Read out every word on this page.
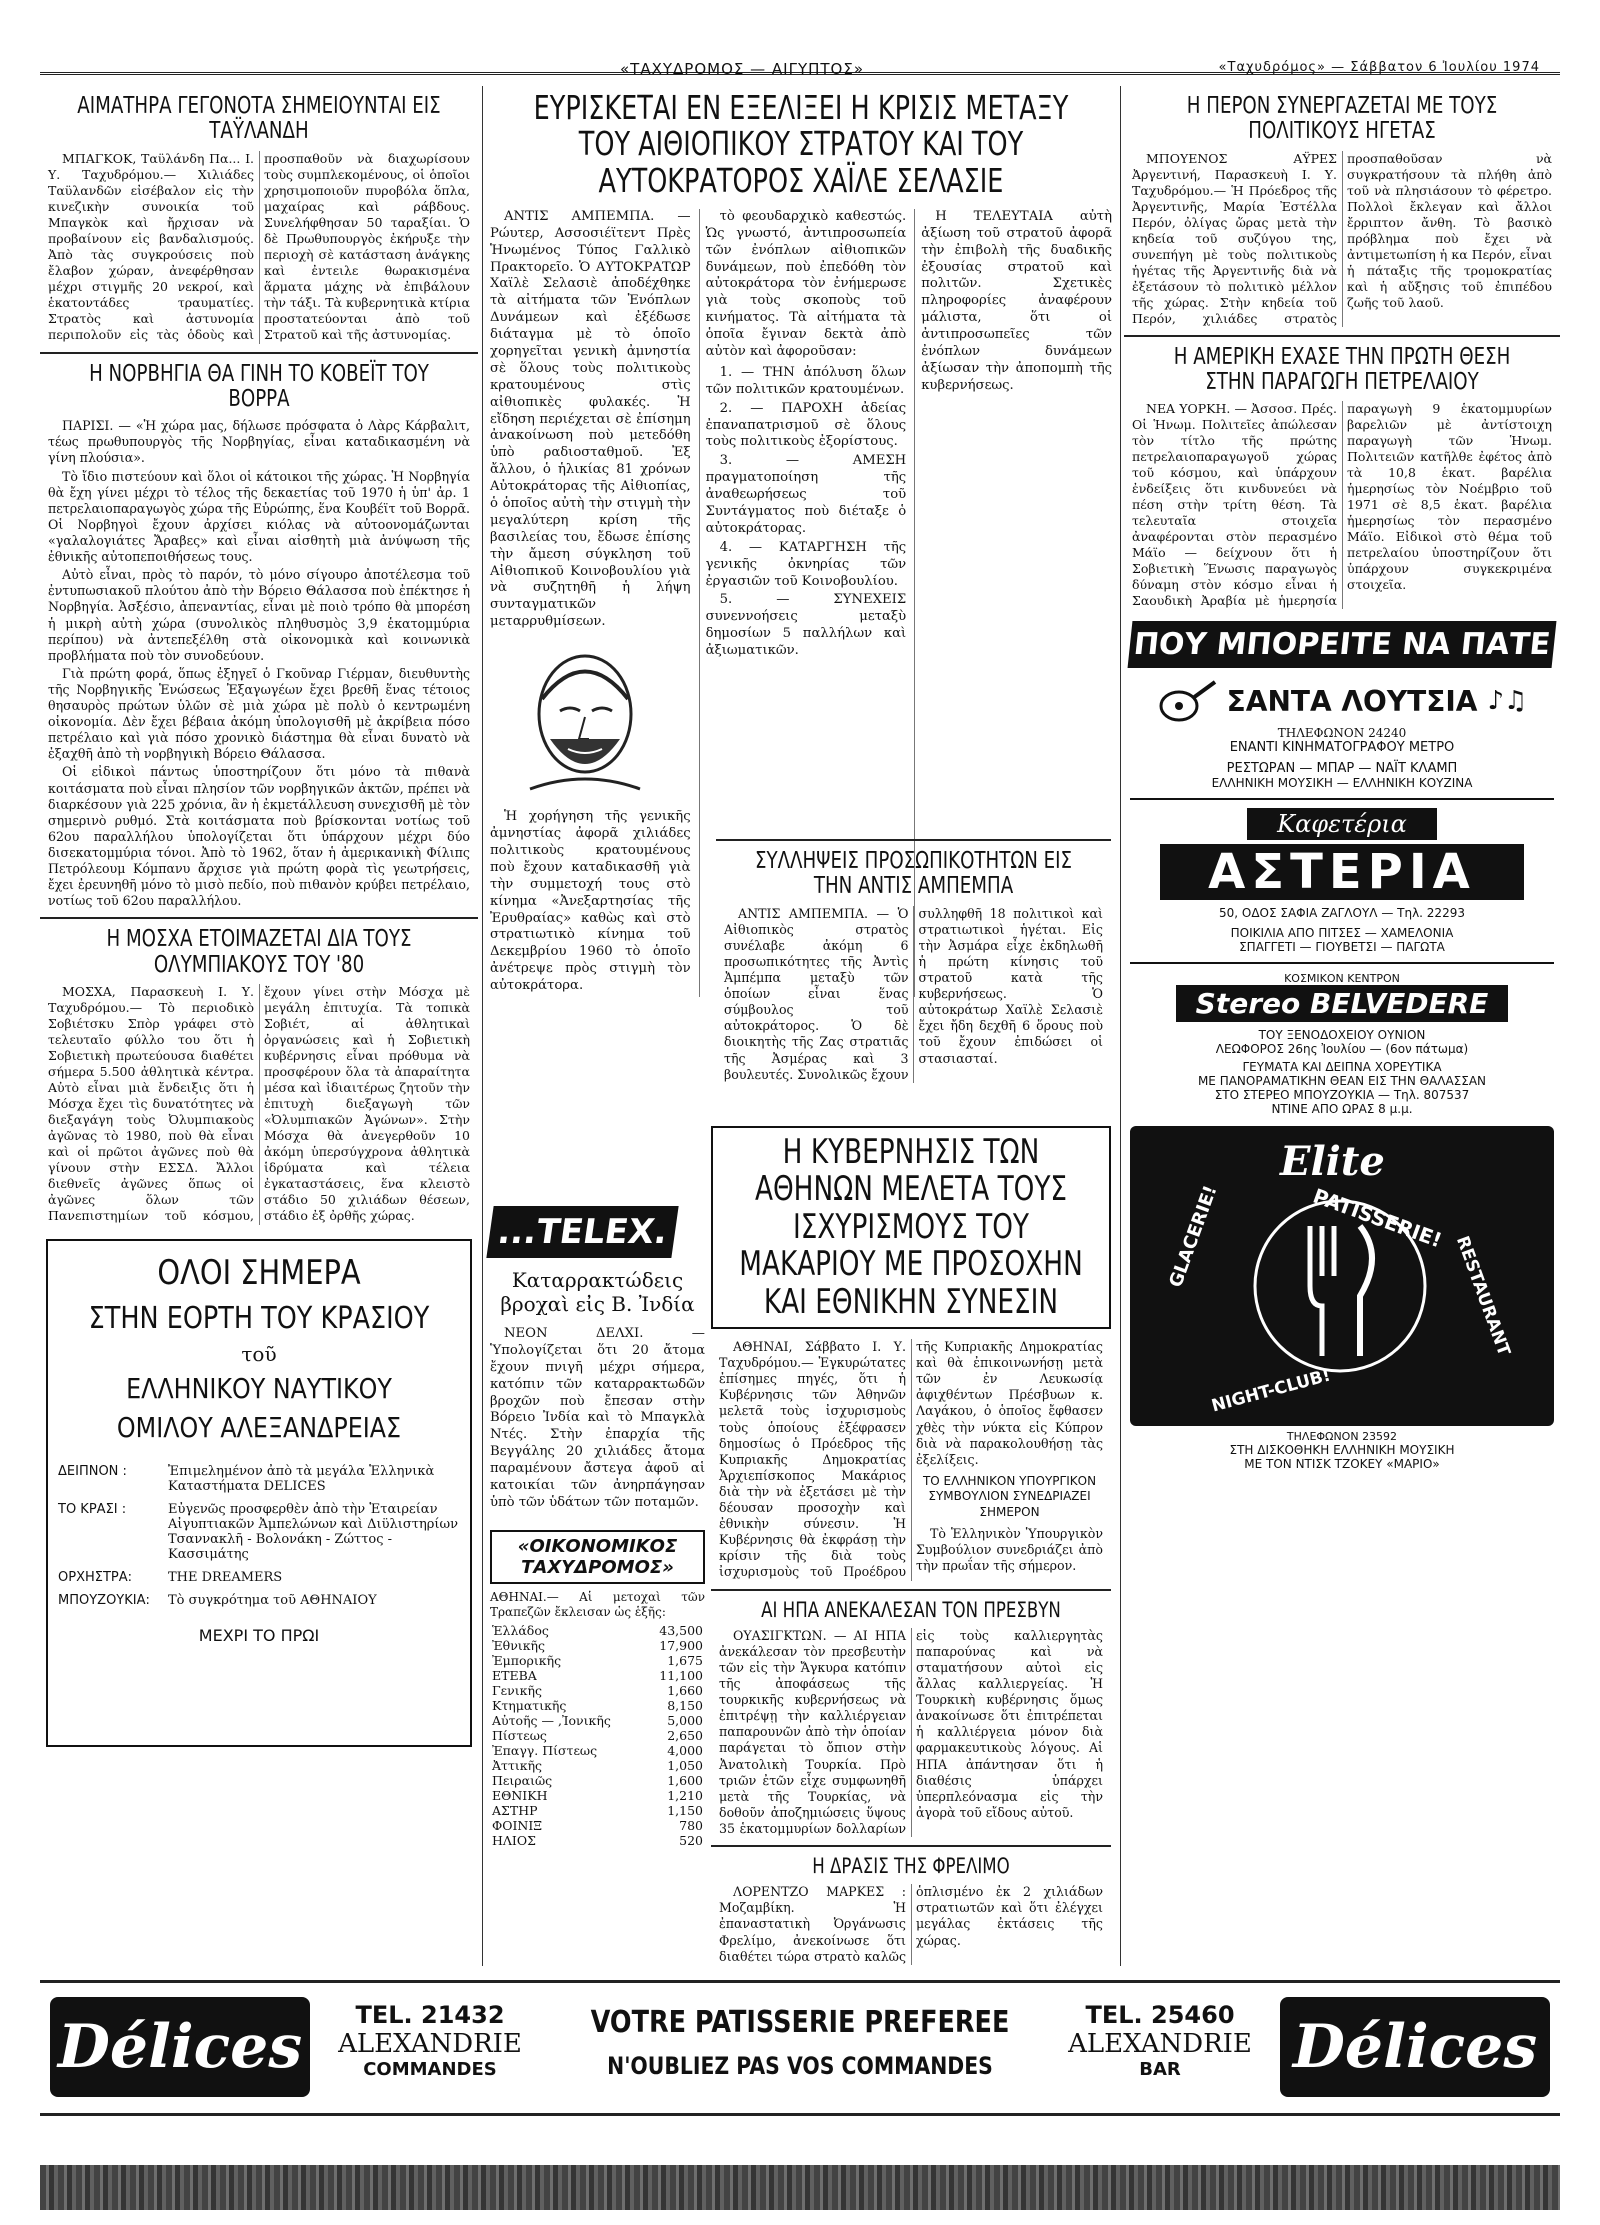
«ΤΑΧΥΔΡΟΜΟΣ — ΑΙΓΥΠΤΟΣ»	«Ταχυδρόμος» — Σάββατον 6 Ἰουλίου 1974
ΑΙΜΑΤΗΡΑ ΓΕΓΟΝΟΤΑ ΣΗΜΕΙΟΥΝΤΑΙ ΕΙΣ ΤΑΫΛΑΝΔΗ

ΜΠΑΓΚΟΚ, Ταϋλάνδη Πα... Ι. Υ. Ταχυδρόμου.— Χιλιάδες Ταϋλανδῶν εἰσέβαλον εἰς τὴν κινεζικὴν συνοικία τοῦ Μπαγκὸκ καὶ ἤρχισαν νὰ προβαίνουν εἰς βανδαλισμούς. Ἀπὸ τὰς συγκρούσεις ποὺ ἔλαβον χώραν, ἀνεφέρθησαν μέχρι στιγμῆς 20 νεκροί, καὶ ἑκατοντάδες τραυματίες. Στρατὸς καὶ ἀστυνομία περιπολοῦν εἰς τὰς ὁδοὺς καὶ προσπαθοῦν νὰ διαχωρίσουν τοὺς συμπλεκομένους, οἱ ὁποῖοι χρησιμοποιοῦν πυροβόλα ὅπλα, μαχαίρας καὶ ράβδους. Συνελήφθησαν 50 ταραξίαι. Ὁ δὲ Πρωθυπουργὸς ἐκήρυξε τὴν περιοχὴ σὲ κατάσταση ἀνάγκης καὶ ἐντειλε θωρακισμένα ἅρματα μάχης νὰ ἐπιβάλουν τὴν τάξι. Τὰ κυβερνητικὰ κτίρια προστατεύονται ἀπὸ τοῦ Στρατοῦ καὶ τῆς ἀστυνομίας.

Η ΝΟΡΒΗΓΙΑ ΘΑ ΓΙΝΗ ΤΟ ΚΟΒΕΪΤ ΤΟΥ ΒΟΡΡΑ

ΠΑΡΙΣΙ. — «Ἡ χώρα μας, δήλωσε πρόσφατα ὁ Λὰρς Κάρβαλιτ, τέως πρωθυπουργὸς τῆς Νορβηγίας, εἶναι καταδικασμένη νὰ γίνη πλούσια».

Τὸ ἴδιο πιστεύουν καὶ ὅλοι οἱ κάτοικοι τῆς χώρας. Ἡ Νορβηγία θὰ ἔχη γίνει μέχρι τὸ τέλος τῆς δεκαετίας τοῦ 1970 ἡ ὑπ' ἀρ. 1 πετρελαιοπαραγωγὸς χώρα τῆς Εὐρώπης, ἕνα Κουβέϊτ τοῦ Βορρᾶ. Οἱ Νορβηγοὶ ἔχουν ἀρχίσει κιόλας νὰ αὐτοονομάζωνται «γαλαλογιάτες Ἄραβες» καὶ εἶναι αἰσθητὴ μιὰ ἀνύψωση τῆς ἐθνικῆς αὐτοπεποιθήσεως τους.

Αὐτὸ εἶναι, πρὸς τὸ παρόν, τὸ μόνο σίγουρο ἀποτέλεσμα τοῦ ἐντυπωσιακοῦ πλούτου ἀπὸ τὴν Βόρειο Θάλασσα ποὺ ἐπέκτησε ἡ Νορβηγία. Ἀσξέσιο, ἀπεναντίας, εἶναι μὲ ποιὸ τρόπο θὰ μπορέση ἡ μικρὴ αὐτὴ χώρα (συνολικὸς πληθυσμὸς 3,9 ἑκατομμύρια περίπου) νὰ ἀντεπεξέλθη στὰ οἰκονομικὰ καὶ κοινωνικὰ προβλήματα ποὺ τὸν συνοδεύουν.

Γιὰ πρώτη φορά, ὅπως ἐξηγεῖ ὁ Γκοῦναρ Γιέρμαν, διευθυντὴς τῆς Νορβηγικῆς Ἑνώσεως Ἐξαγωγέων ἔχει βρεθῆ ἕνας τέτοιος θησαυρὸς πρώτων ὑλῶν σὲ μιὰ χώρα μὲ πολὺ ὁ κεντρωμένη οἰκονομία. Δὲν ἔχει βέβαια ἀκόμη ὑπολογισθῆ μὲ ἀκρίβεια πόσο πετρέλαιο καὶ γιὰ πόσο χρονικὸ διάστημα θὰ εἶναι δυνατὸ νὰ ἐξαχθῆ ἀπὸ τὴ νορβηγικὴ Βόρειο Θάλασσα.

Οἱ εἰδικοὶ πάντως ὑποστηρίζουν ὅτι μόνο τὰ πιθανὰ κοιτάσματα ποὺ εἶναι πλησίον τῶν νορβηγικῶν ἀκτῶν, πρέπει νὰ διαρκέσουν γιὰ 225 χρόνια, ἂν ἡ ἐκμετάλλευση συνεχισθῆ μὲ τὸν σημερινὸ ρυθμό. Στὰ κοιτάσματα ποὺ βρίσκονται νοτίως τοῦ 62ου παραλλήλου ὑπολογίζεται ὅτι ὑπάρχουν μέχρι δύο δισεκατομμύρια τόνοι. Ἀπὸ τὸ 1962, ὅταν ἡ ἀμερικανικὴ Φίλιπς Πετρόλεουμ Κόμπανυ ἄρχισε γιὰ πρώτη φορὰ τὶς γεωτρήσεις, ἔχει ἐρευνηθῆ μόνο τὸ μισὸ πεδίο, ποὺ πιθανὸν κρύβει πετρέλαιο, νοτίως τοῦ 62ου παραλλήλου.

Η ΜΟΣΧΑ ΕΤΟΙΜΑΖΕΤΑΙ ΔΙΑ ΤΟΥΣ ΟΛΥΜΠΙΑΚΟΥΣ ΤΟΥ '80

ΜΟΣΧΑ, Παρασκευὴ Ι. Υ. Ταχυδρόμου.— Τὸ περιοδικὸ Σοβιέτσκυ Σπὸρ γράφει στὸ τελευταῖο φύλλο του ὅτι ἡ Σοβιετικὴ πρωτεύουσα διαθέτει σήμερα 5.500 ἀθλητικὰ κέντρα. Αὐτὸ εἶναι μιὰ ἔνδειξις ὅτι ἡ Μόσχα ἔχει τὶς δυνατότητες νὰ διεξαγάγη τοὺς Ὀλυμπιακοὺς ἀγῶνας τὸ 1980, ποὺ θὰ εἶναι καὶ οἱ πρῶτοι ἀγῶνες ποὺ θὰ γίνουν στὴν ΕΣΣΔ. Ἄλλοι διεθνεῖς ἀγῶνες ὅπως οἱ ἀγῶνες ὅλων τῶν Πανεπιστημίων τοῦ κόσμου, ἔχουν γίνει στὴν Μόσχα μὲ μεγάλη ἐπιτυχία. Τὰ τοπικὰ Σοβιέτ, αἱ ἀθλητικαὶ ὀργανώσεις καὶ ἡ Σοβιετικὴ κυβέρνησις εἶναι πρόθυμα νὰ προσφέρουν ὅλα τὰ ἀπαραίτητα μέσα καὶ ἰδιαιτέρως ζητοῦν τὴν ἐπιτυχὴ διεξαγωγὴ τῶν «Ὀλυμπιακῶν Ἀγώνων». Στὴν Μόσχα θὰ ἀνεγερθοῦν 10 ἀκόμη ὑπερσύγχρονα ἀθλητικὰ ἱδρύματα καὶ τέλεια ἐγκαταστάσεις, ἕνα κλειστὸ στάδιο 50 χιλιάδων θέσεων, στάδιο ἐξ ὀρθῆς χώρας.

ΟΛΟΙ ΣΗΜΕΡΑ
ΣΤΗΝ ΕΟΡΤΗ ΤΟΥ ΚΡΑΣΙΟΥ
τοῦ
ΕΛΛΗΝΙΚΟΥ ΝΑΥΤΙΚΟΥ
ΟΜΙΛΟΥ ΑΛΕΞΑΝΔΡΕΙΑΣ
ΔΕΙΠΝΟΝ :	Ἐπιμελημένον ἀπὸ τὰ μεγάλα Ἑλληνικὰ Καταστήματα DELICES
ΤΟ ΚΡΑΣΙ :	Εὐγενῶς προσφερθὲν ἀπὸ τὴν Ἑταιρείαν Αἰγυπτιακῶν Ἀμπελώνων καὶ Διϋλιστηρίων Τσαννακλῆ - Βολονάκη - Ζώττος - Κασσιμάτης
ΟΡΧΗΣΤΡΑ:	THE DREAMERS
ΜΠΟΥΖΟΥΚΙΑ:	Τὸ συγκρότημα τοῦ ΑΘΗΝΑΙΟΥ
ΜΕΧΡΙ ΤΟ ΠΡΩΙ
ΕΥΡΙΣΚΕΤΑΙ ΕΝ ΕΞΕΛΙΞΕΙ Η ΚΡΙΣΙΣ ΜΕΤΑΞΥ ΤΟΥ ΑΙΘΙΟΠΙΚΟΥ ΣΤΡΑΤΟΥ ΚΑΙ ΤΟΥ ΑΥΤΟΚΡΑΤΟΡΟΣ ΧΑΪΛΕ ΣΕΛΑΣΙΕ

ΑΝΤΙΣ ΑΜΠΕΜΠΑ. — Ρώυτερ, Ασσοσιέϊτεντ Πρὲς Ἡνωμένος Τύπος Γαλλικὸ Πρακτορεῖο. Ὁ ΑΥΤΟΚΡΑΤΩΡ Χαϊλὲ Σελασιὲ ἀποδέχθηκε τὰ αἰτήματα τῶν Ἐνόπλων Δυνάμεων καὶ ἐξέδωσε διάταγμα μὲ τὸ ὁποῖο χορηγεῖται γενικὴ ἀμνηστία σὲ ὅλους τοὺς πολιτικοὺς κρατουμένους στὶς αἰθιοπικὲς φυλακές. Ἡ εἴδηση περιέχεται σὲ ἐπίσημη ἀνακοίνωση ποὺ μετεδόθη ὑπὸ ραδιοσταθμοῦ. Ἐξ ἄλλου, ὁ ἡλικίας 81 χρόνων Αὐτοκράτορας τῆς Αἰθιοπίας, ὁ ὁποῖος αὐτὴ τὴν στιγμὴ τὴν μεγαλύτερη κρίση τῆς βασιλείας του, ἔδωσε ἐπίσης τὴν ἄμεση σύγκληση τοῦ Αἰθιοπικοῦ Κοινοβουλίου γιὰ νὰ συζητηθῆ ἡ λήψη συνταγματικῶν μεταρρυθμίσεων.

Ἡ χορήγηση τῆς γενικῆς ἀμνηστίας ἀφορᾶ χιλιάδες πολιτικοὺς κρατουμένους ποὺ ἔχουν καταδικασθῆ γιὰ τὴν συμμετοχή τους στὸ κίνημα «Ἀνεξαρτησίας τῆς Ἐρυθραίας» καθὼς καὶ στὸ στρατιωτικὸ κίνημα τοῦ Δεκεμβρίου 1960 τὸ ὁποῖο ἀνέτρεψε πρὸς στιγμὴ τὸν αὐτοκράτορα.

τὸ φεουδαρχικὸ καθεστώς. Ὡς γνωστό, ἀντιπροσωπεία τῶν ἐνόπλων αἰθιοπικῶν δυνάμεων, ποὺ ἐπεδόθη τὸν αὐτοκράτορα τὸν ἐνήμερωσε γιὰ τοὺς σκοποὺς τοῦ κινήματος. Τὰ αἰτήματα τὰ ὁποῖα ἔγιναν δεκτὰ ἀπὸ αὐτὸν καὶ ἀφοροῦσαν:

1. — ΤΗΝ ἀπόλυση ὅλων τῶν πολιτικῶν κρατουμένων.

2. — ΠΑΡΟΧΗ ἀδείας ἐπαναπατρισμοῦ σὲ ὅλους τοὺς πολιτικοὺς ἐξορίστους.

3. — ΑΜΕΣΗ πραγματοποίηση τῆς ἀναθεωρήσεως τοῦ Συντάγματος ποὺ διέταξε ὁ αὐτοκράτορας.

4. — ΚΑΤΑΡΓΗΣΗ τῆς γενικῆς ὀκνηρίας τῶν ἐργασιῶν τοῦ Κοινοβουλίου.

5. — ΣΥΝΕΧΕΙΣ συνεννοήσεις μεταξὺ δημοσίων 5 παλλήλων καὶ ἀξιωματικῶν.

Η ΤΕΛΕΥΤΑΙΑ αὐτὴ ἀξίωση τοῦ στρατοῦ ἀφορᾶ τὴν ἐπιβολὴ τῆς δυαδικῆς ἐξουσίας στρατοῦ καὶ πολιτῶν. Σχετικὲς πληροφορίες ἀναφέρουν μάλιστα, ὅτι οἱ ἀντιπροσωπεῖες τῶν ἐνόπλων δυνάμεων ἀξίωσαν τὴν ἀποπομπὴ τῆς κυβερνήσεως.

ΣΥΛΛΗΨΕΙΣ ΠΡΟΣΩΠΙΚΟΤΗΤΩΝ ΕΙΣ ΤΗΝ ΑΝΤΙΣ ΑΜΠΕΜΠΑ

ΑΝΤΙΣ ΑΜΠΕΜΠΑ. — Ὁ Αἰθιοπικὸς στρατὸς συνέλαβε ἀκόμη 6 προσωπικότητες τῆς Ἀντὶς Ἀμπέμπα μεταξὺ τῶν ὁποίων εἶναι ἕνας σύμβουλος τοῦ αὐτοκράτορος. Ὁ δὲ διοικητὴς τῆς Ζας στρατιᾶς τῆς Ἀσμέρας καὶ 3 βουλευτές. Συνολικῶς ἔχουν συλληφθῆ 18 πολιτικοὶ καὶ στρατιωτικοὶ ἡγέται. Εἰς τὴν Ἀσμάρα εἶχε ἐκδηλωθῆ ἡ πρώτη κίνησις τοῦ στρατοῦ κατὰ τῆς κυβερνήσεως. Ὁ αὐτοκράτωρ Χαϊλὲ Σελασιὲ ἔχει ἤδη δεχθῆ 6 ὅρους ποὺ τοῦ ἔχουν ἐπιδώσει οἱ στασιασταί.

...TELEX.
Καταρρακτώδεις βροχαὶ εἰς Β. Ἰνδία

ΝΕΟΝ ΔΕΛΧΙ. — Ὑπολογίζεται ὅτι 20 ἄτομα ἔχουν πνιγῆ μέχρι σήμερα, κατόπιν τῶν καταρρακτωδῶν βροχῶν ποὺ ἔπεσαν στὴν Βόρειο Ἰνδία καὶ τὸ Μπαγκλὰ Ντές. Στὴν ἐπαρχία τῆς Βεγγάλης 20 χιλιάδες ἄτομα παραμένουν ἄστεγα ἀφοῦ αἱ κατοικίαι τῶν ἀνηρπάγησαν ὑπὸ τῶν ὑδάτων τῶν ποταμῶν.

«ΟΙΚΟΝΟΜΙΚΟΣ ΤΑΧΥΔΡΟΜΟΣ»
ΑΘΗΝΑΙ.— Αἱ μετοχαὶ τῶν Τραπεζῶν ἔκλεισαν ὡς ἑξῆς:
Ἑλλάδος	43,500
Ἐθνικῆς	17,900
Ἐμπορικῆς	1,675
ΕΤΕΒΑ	11,100
Γενικῆς	1,660
Κτηματικῆς	8,150
Αὐτοῆς — ,Ἰονικῆς	5,000
Πίστεως	2,650
Ἐπαγγ. Πίστεως	4,000
Ἀττικῆς	1,050
Πειραιῶς	1,600
ΕΘΝΙΚΗ	1,210
ΑΣΤΗΡ	1,150
ΦΟΙΝΙΞ	780
ΗΛΙΟΣ	520
Η ΚΥΒΕΡΝΗΣΙΣ ΤΩΝ ΑΘΗΝΩΝ ΜΕΛΕΤΑ ΤΟΥΣ ΙΣΧΥΡΙΣΜΟΥΣ ΤΟΥ ΜΑΚΑΡΙΟΥ ΜΕ ΠΡΟΣΟΧΗΝ ΚΑΙ ΕΘΝΙΚΗΝ ΣΥΝΕΣΙΝ

ΑΘΗΝΑΙ, Σάββατο Ι. Υ. Ταχυδρόμου.— Ἐγκυρώτατες ἐπίσημες πηγές, ὅτι ἡ Κυβέρνησις τῶν Ἀθηνῶν μελετᾶ τοὺς ἰσχυρισμοὺς τοὺς ὁποίους ἐξέφρασεν δημοσίως ὁ Πρόεδρος τῆς Κυπριακῆς Δημοκρατίας Ἀρχιεπίσκοπος Μακάριος διὰ τὴν νὰ ἐξετάσει μὲ τὴν δέουσαν προσοχὴν καὶ ἐθνικὴν σύνεσιν. Ἡ Κυβέρνησις θὰ ἐκφράσῃ τὴν κρίσιν τῆς διὰ τοὺς ἰσχυρισμοὺς τοῦ Προέδρου τῆς Κυπριακῆς Δημοκρατίας καὶ θὰ ἐπικοινωνήσῃ μετὰ τῶν ἐν Λευκωσίᾳ ἀφιχθέντων Πρέσβυων κ. Λαγάκου, ὁ ὁποῖος ἔφθασεν χθὲς τὴν νύκτα εἰς Κύπρον διὰ νὰ παρακολουθήσῃ τὰς ἐξελίξεις.

ΤΟ ΕΛΛΗΝΙΚΟΝ ΥΠΟΥΡΓΙΚΟΝ ΣΥΜΒΟΥΛΙΟΝ ΣΥΝΕΔΡΙΑΖΕΙ ΣΗΜΕΡΟΝ

Τὸ Ἑλληνικὸν Ὑπουργικὸν Συμβούλιον συνεδριάζει ἀπὸ τὴν πρωΐαν τῆς σήμερον.

ΑΙ ΗΠΑ ΑΝΕΚΑΛΕΣΑΝ ΤΟΝ ΠΡΕΣΒΥΝ

ΟΥΑΣΙΓΚΤΩΝ. — ΑΙ ΗΠΑ ἀνεκάλεσαν τὸν πρεσβευτὴν τῶν εἰς τὴν Ἄγκυρα κατόπιν τῆς ἀποφάσεως τῆς τουρκικῆς κυβερνήσεως νὰ ἐπιτρέψῃ τὴν καλλιέργειαν παπαρουνῶν ἀπὸ τὴν ὁποίαν παράγεται τὸ ὄπιον στὴν Ἀνατολικὴ Τουρκία. Πρὸ τριῶν ἐτῶν εἶχε συμφωνηθῆ μετὰ τῆς Τουρκίας, νὰ δοθοῦν ἀποζημιώσεις ὕψους 35 ἑκατομμυρίων δολλαρίων εἰς τοὺς καλλιεργητὰς παπαρούνας καὶ νὰ σταματήσουν αὐτοὶ εἰς ἄλλας καλλιεργείας. Ἡ Τουρκικὴ κυβέρνησις ὅμως ἀνακοίνωσε ὅτι ἐπιτρέπεται ἡ καλλιέργεια μόνον διὰ φαρμακευτικοὺς λόγους. Αἱ ΗΠΑ ἀπάντησαν ὅτι ἡ διαθέσις ὑπάρχει ὑπερπλεόνασμα εἰς τὴν ἀγορὰ τοῦ εἴδους αὐτοῦ.

Η ΔΡΑΣΙΣ ΤΗΣ ΦΡΕΛΙΜΟ

ΛΟΡΕΝΤΖΟ ΜΑΡΚΕΣ : Μοζαμβίκη. Ἡ ἐπαναστατικὴ Ὀργάνωσις Φρελίμο, ἀνεκοίνωσε ὅτι διαθέτει τώρα στρατὸ καλῶς ὁπλισμένο ἐκ 2 χιλιάδων στρατιωτῶν καὶ ὅτι ἐλέγχει μεγάλας ἐκτάσεις τῆς χώρας.

Η ΠΕΡΟΝ ΣΥΝΕΡΓΑΖΕΤΑΙ ΜΕ ΤΟΥΣ ΠΟΛΙΤΙΚΟΥΣ ΗΓΕΤΑΣ

ΜΠΟΥΕΝΟΣ ΑΫΡΕΣ Ἀργεντινή, Παρασκευὴ Ι. Υ. Ταχυδρόμου.— Ἡ Πρόεδρος τῆς Ἀργεντινῆς, Μαρία Ἐστέλλα Περόν, ὀλίγας ὥρας μετὰ τὴν κηδεία τοῦ συζύγου της, συνεπήγη μὲ τοὺς πολιτικοὺς ἡγέτας τῆς Ἀργεντινῆς διὰ νὰ ἐξετάσουν τὸ πολιτικὸ μέλλον τῆς χώρας. Στὴν κηδεία τοῦ Περόν, χιλιάδες στρατὸς προσπαθοῦσαν νὰ συγκρατήσουν τὰ πλήθη ἀπὸ τοῦ νὰ πλησιάσουν τὸ φέρετρο. Πολλοὶ ἔκλεγαν καὶ ἄλλοι ἔρριπτον ἄνθη. Τὸ βασικὸ πρόβλημα ποὺ ἔχει νὰ ἀντιμετωπίση ἡ κα Περόν, εἶναι ἡ πάταξις τῆς τρομοκρατίας καὶ ἡ αὔξησις τοῦ ἐπιπέδου ζωῆς τοῦ λαοῦ.

Η ΑΜΕΡΙΚΗ ΕΧΑΣΕ ΤΗΝ ΠΡΩΤΗ ΘΕΣΗ ΣΤΗΝ ΠΑΡΑΓΩΓΗ ΠΕΤΡΕΛΑΙΟΥ

ΝΕΑ ΥΟΡΚΗ. — Ἀσσοσ. Πρές. Οἱ Ἡνωμ. Πολιτεῖες ἀπώλεσαν τὸν τίτλο τῆς πρώτης πετρελαιοπαραγωγοῦ χώρας τοῦ κόσμου, καὶ ὑπάρχουν ἐνδείξεις ὅτι κινδυνεύει νὰ πέση στὴν τρίτη θέση. Τὰ τελευταῖα στοιχεῖα ἀναφέρονται στὸν περασμένο Μάϊο — δείχνουν ὅτι ἡ Σοβιετικὴ Ἕνωσις παραγωγὸς δύναμη στὸν κόσμο εἶναι ἡ Σαουδικὴ Ἀραβία μὲ ἡμερησία παραγωγὴ 9 ἑκατομμυρίων βαρελιῶν μὲ ἀντίστοιχη παραγωγὴ τῶν Ἡνωμ. Πολιτειῶν κατῆλθε ἐφέτος ἀπὸ τὰ 10,8 ἑκατ. βαρέλια ἡμερησίως τὸν Νοέμβριο τοῦ 1971 σὲ 8,5 ἑκατ. βαρέλια ἡμερησίως τὸν περασμένο Μάϊο. Εἰδικοὶ στὸ θέμα τοῦ πετρελαίου ὑποστηρίζουν ὅτι ὑπάρχουν συγκεκριμένα στοιχεῖα.

ΠΟΥ ΜΠΟΡΕΙΤΕ ΝΑ ΠΑΤΕ
ΣΑΝΤΑ ΛΟΥΤΣΙΑ ♪♫
ΤΗΛΕΦΩΝΟΝ 24240
ΕΝΑΝΤΙ ΚΙΝΗΜΑΤΟΓΡΑΦΟΥ ΜΕΤΡΟ
ΡΕΣΤΩΡΑΝ — ΜΠΑΡ — ΝΑΪΤ ΚΛΑΜΠ
ΕΛΛΗΝΙΚΗ ΜΟΥΣΙΚΗ — ΕΛΛΗΝΙΚΗ ΚΟΥΖΙΝΑ
Καφετέρια
ΑΣΤΕΡΙΑ
50, ΟΔΟΣ ΣΑΦΙΑ ΖΑΓΛΟΥΛ — Τηλ. 22293
ΠΟΙΚΙΛΙΑ ΑΠΟ ΠΙΤΣΕΣ — ΧΑΜΕΛΟΝΙΑ
ΣΠΑΓΓΕΤΙ — ΓΙΟΥΒΕΤΣΙ — ΠΑΓΩΤΑ
ΚΟΣΜΙΚΟΝ ΚΕΝΤΡΟΝ
Stereo BELVEDERE
ΤΟΥ ΞΕΝΟΔΟΧΕΙΟΥ ΟΥΝΙΟΝ
ΛΕΩΦΟΡΟΣ 26ης Ἰουλίου — (6ον πάτωμα)
ΓΕΥΜΑΤΑ ΚΑΙ ΔΕΙΠΝΑ ΧΟΡΕΥΤΙΚΑ
ΜΕ ΠΑΝΟΡΑΜΑΤΙΚΗΝ ΘΕΑΝ ΕΙΣ ΤΗΝ ΘΑΛΑΣΣΑΝ
ΣΤΟ ΣΤΕΡΕΟ ΜΠΟΥΖΟΥΚΙΑ — Τηλ. 807537
ΝΤΙΝΕ ΑΠΟ ΩΡΑΣ 8 μ.μ.
Elite
PATISSERIE!
GLACERIE!	RESTAURANT
NIGHT-CLUB!
ΤΗΛΕΦΩΝΟΝ 23592
ΣΤΗ ΔΙΣΚΟΘΗΚΗ ΕΛΛΗΝΙΚΗ ΜΟΥΣΙΚΗ
ΜΕ ΤΟΝ ΝΤΙΣΚ ΤΖΟΚΕΥ «ΜΑΡΙΟ»
Délices	TEL. 21432
ALEXANDRIE
COMMANDES
VOTRE PATISSERIE PREFEREE
N'OUBLIEZ PAS VOS COMMANDES
TEL. 25460
ALEXANDRIE
BAR	Délices
